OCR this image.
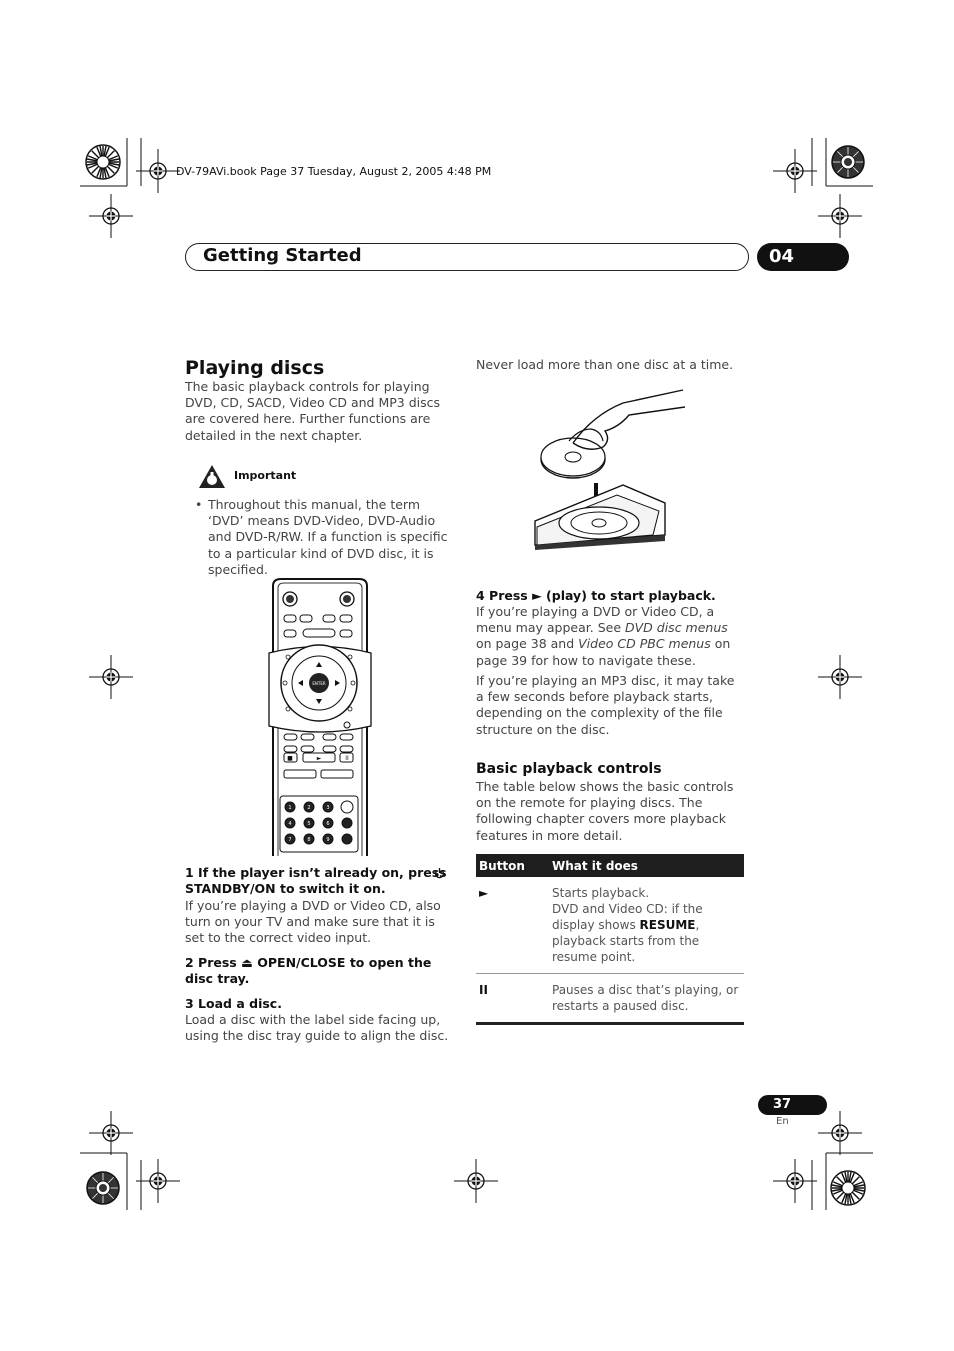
DV-79AVi.book Page 37 Tuesday, August 2, 2005 4:48 PM
Getting Started	04
Playing discs
The basic playback controls for playing DVD, CD, SACD, Video CD and MP3 discs are covered here. Further functions are detailed in the next chapter.
Important
• Throughout this manual, the term ‘DVD’ means DVD-Video, DVD-Audio and DVD-R/RW. If a function is specific to a particular kind of DVD disc, it is specified.
ENTER
■	►	II
1	2	3
4	5	6
7	8	9
1 If the player isn’t already on, press STANDBY/ON to switch it on.
If you’re playing a DVD or Video CD, also turn on your TV and make sure that it is set to the correct video input.
2 Press ⏏ OPEN/CLOSE to open the disc tray.
3 Load a disc.
Load a disc with the label side facing up, using the disc tray guide to align the disc.
Never load more than one disc at a time.
4 Press ► (play) to start playback.
If you’re playing a DVD or Video CD, a menu may appear. See DVD disc menus on page 38 and Video CD PBC menus on page 39 for how to navigate these.
If you’re playing an MP3 disc, it may take a few seconds before playback starts, depending on the complexity of the file structure on the disc.
Basic playback controls
The table below shows the basic controls on the remote for playing discs. The following chapter covers more playback features in more detail.
Button	What it does
►	Starts playback.
DVD and Video CD: if the display shows RESUME, playback starts from the resume point.
II	Pauses a disc that’s playing, or restarts a paused disc.
37
En
